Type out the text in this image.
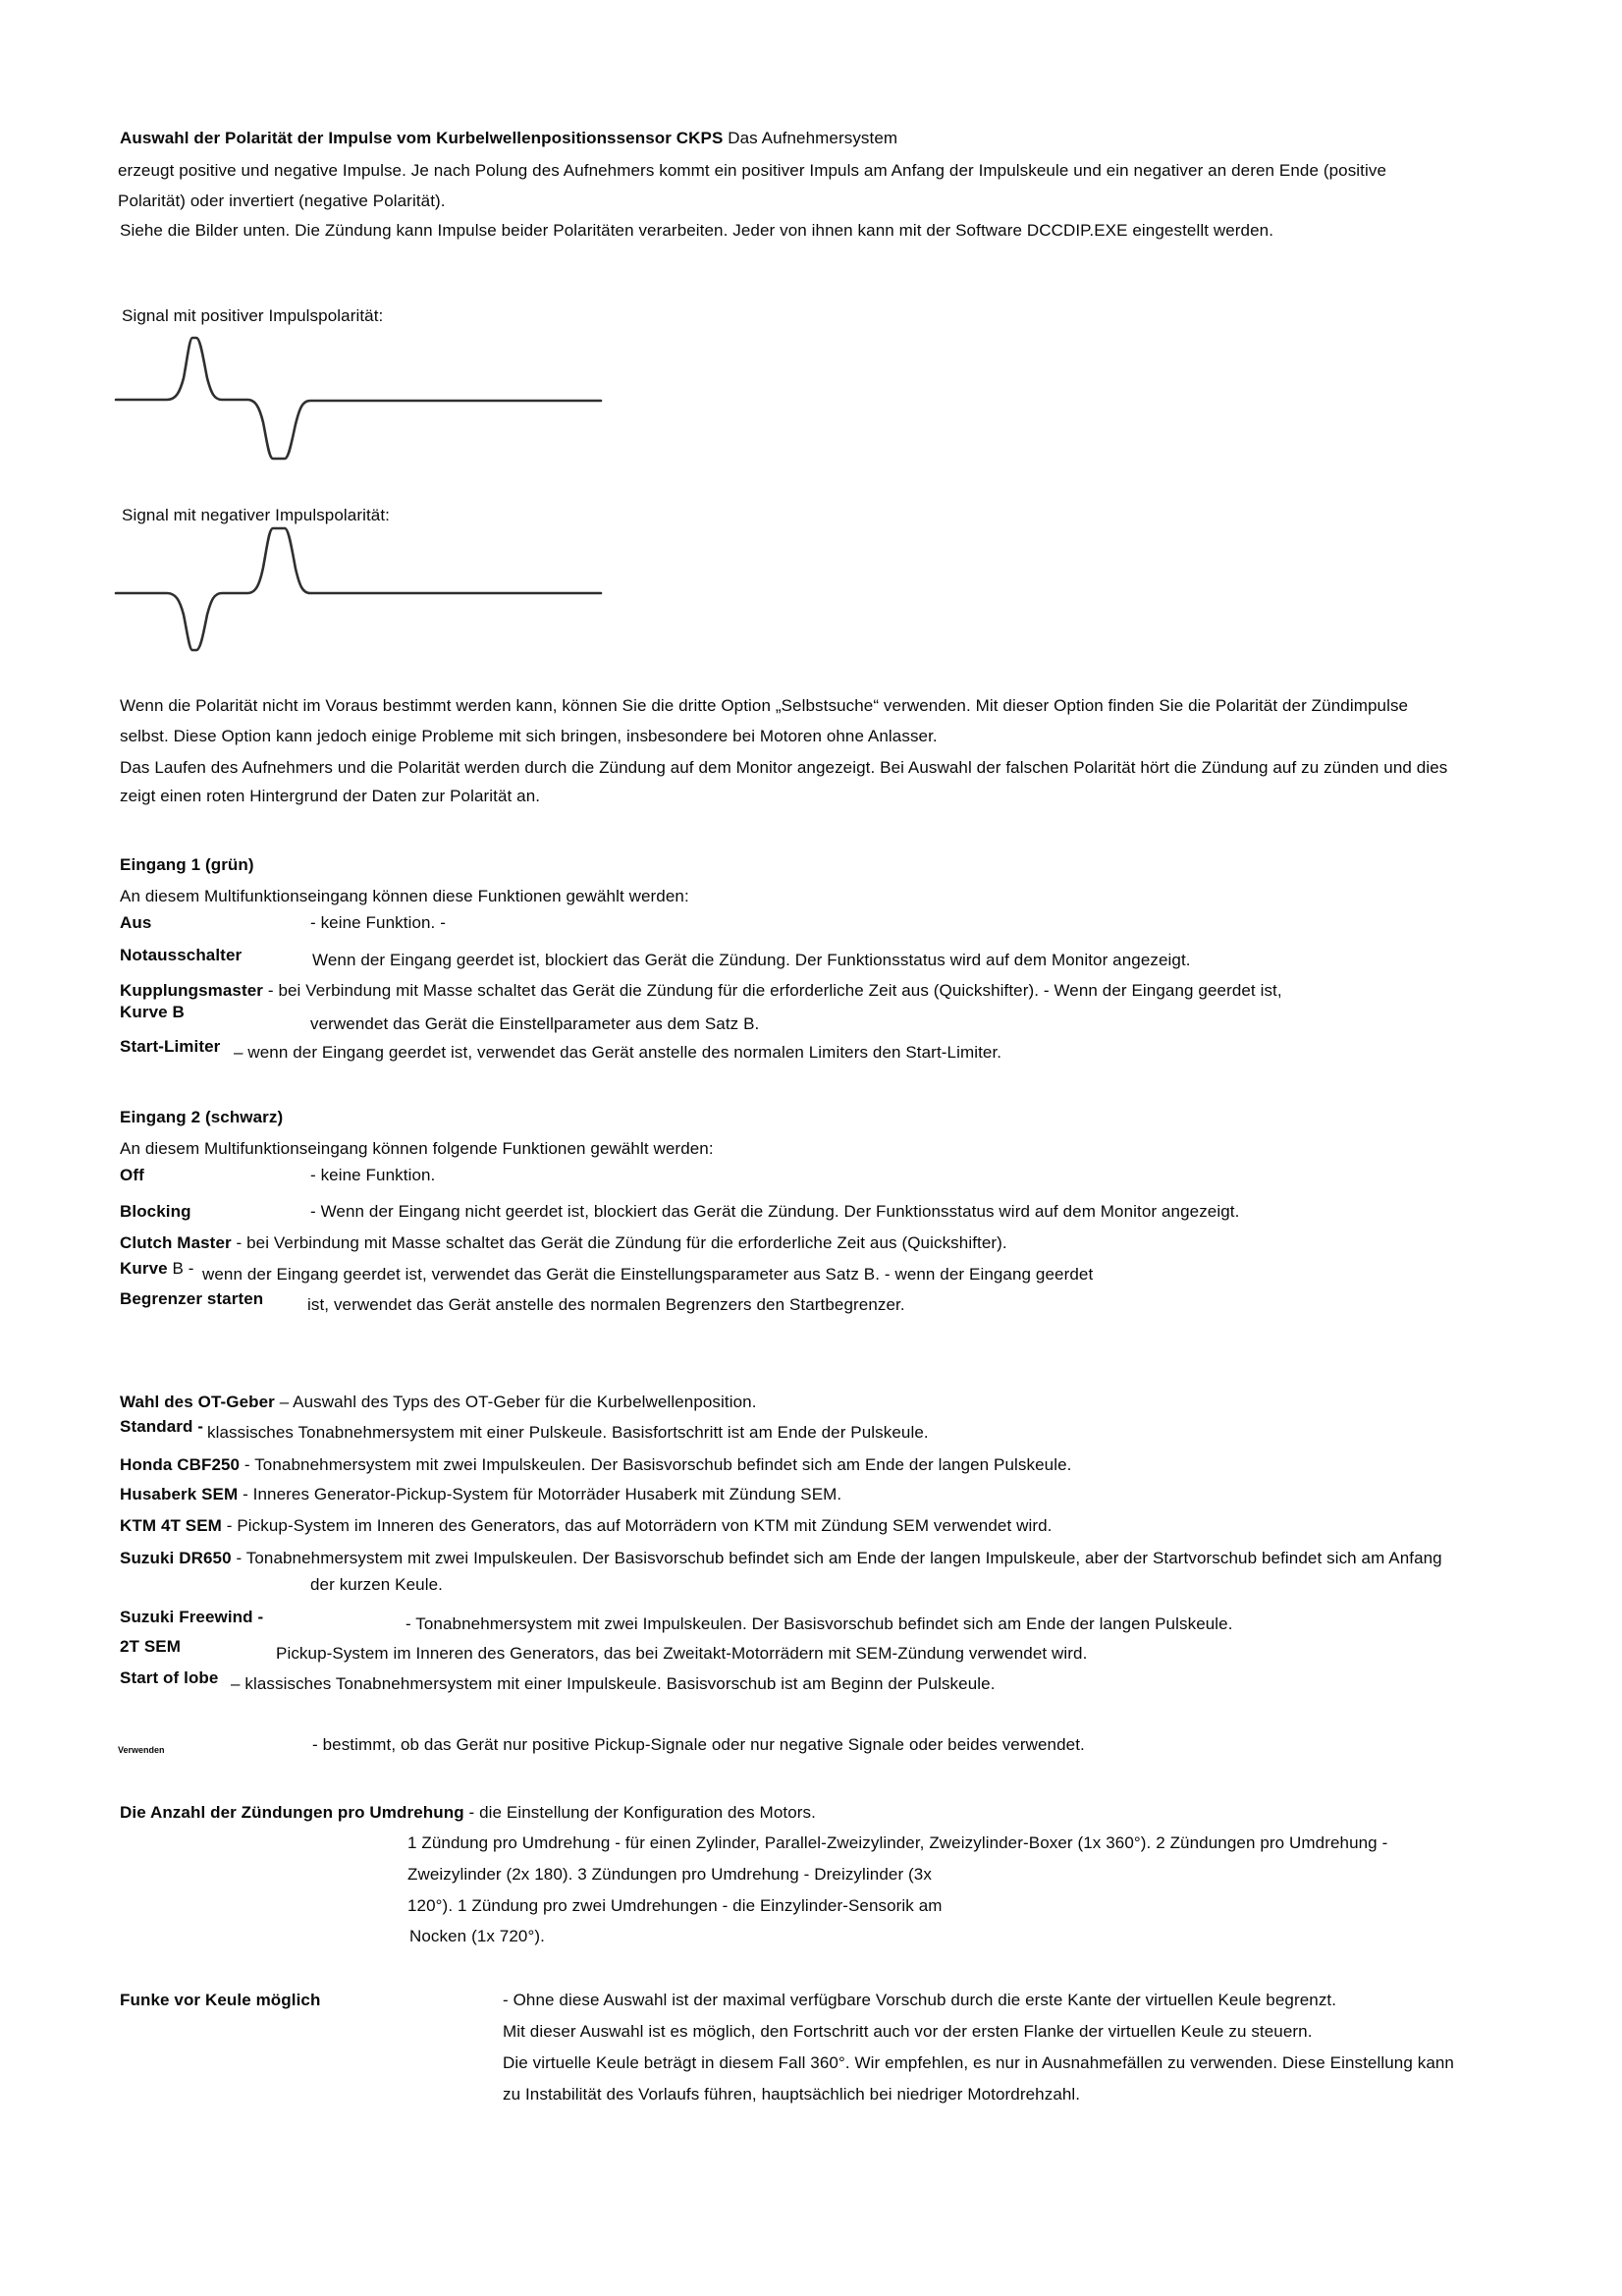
Auswahl der Polarität der Impulse vom Kurbelwellenpositionssensor CKPS Das Aufnehmersystem
erzeugt positive und negative Impulse. Je nach Polung des Aufnehmers kommt ein positiver Impuls am Anfang der Impulskeule und ein negativer an deren Ende (positive
Polarität) oder invertiert (negative Polarität).
Siehe die Bilder unten. Die Zündung kann Impulse beider Polaritäten verarbeiten. Jeder von ihnen kann mit der Software DCCDIP.EXE eingestellt werden.
Signal mit positiver Impulspolarität:
Signal mit negativer Impulspolarität:
Wenn die Polarität nicht im Voraus bestimmt werden kann, können Sie die dritte Option „Selbstsuche“ verwenden. Mit dieser Option finden Sie die Polarität der Zündimpulse
selbst. Diese Option kann jedoch einige Probleme mit sich bringen, insbesondere bei Motoren ohne Anlasser.
Das Laufen des Aufnehmers und die Polarität werden durch die Zündung auf dem Monitor angezeigt. Bei Auswahl der falschen Polarität hört die Zündung auf zu zünden und dies
zeigt einen roten Hintergrund der Daten zur Polarität an.
Eingang 1 (grün)
An diesem Multifunktionseingang können diese Funktionen gewählt werden:
Aus	- keine Funktion. -
Notausschalter	Wenn der Eingang geerdet ist, blockiert das Gerät die Zündung. Der Funktionsstatus wird auf dem Monitor angezeigt.
Kupplungsmaster - bei Verbindung mit Masse schaltet das Gerät die Zündung für die erforderliche Zeit aus (Quickshifter). - Wenn der Eingang geerdet ist,
Kurve B
verwendet das Gerät die Einstellparameter aus dem Satz B.
Start-Limiter – wenn der Eingang geerdet ist, verwendet das Gerät anstelle des normalen Limiters den Start-Limiter.
Eingang 2 (schwarz)
An diesem Multifunktionseingang können folgende Funktionen gewählt werden:
Off	- keine Funktion.
Blocking	- Wenn der Eingang nicht geerdet ist, blockiert das Gerät die Zündung. Der Funktionsstatus wird auf dem Monitor angezeigt.
Clutch Master - bei Verbindung mit Masse schaltet das Gerät die Zündung für die erforderliche Zeit aus (Quickshifter).
Kurve B - wenn der Eingang geerdet ist, verwendet das Gerät die Einstellungsparameter aus Satz B. - wenn der Eingang geerdet
Begrenzer starten	ist, verwendet das Gerät anstelle des normalen Begrenzers den Startbegrenzer.
Wahl des OT-Geber – Auswahl des Typs des OT-Geber für die Kurbelwellenposition.
Standard - klassisches Tonabnehmersystem mit einer Pulskeule. Basisfortschritt ist am Ende der Pulskeule.
Honda CBF250 - Tonabnehmersystem mit zwei Impulskeulen. Der Basisvorschub befindet sich am Ende der langen Pulskeule.
Husaberk SEM - Inneres Generator-Pickup-System für Motorräder Husaberk mit Zündung SEM.
KTM 4T SEM - Pickup-System im Inneren des Generators, das auf Motorrädern von KTM mit Zündung SEM verwendet wird.
Suzuki DR650 - Tonabnehmersystem mit zwei Impulskeulen. Der Basisvorschub befindet sich am Ende der langen Impulskeule, aber der Startvorschub befindet sich am Anfang
der kurzen Keule.
Suzuki Freewind -	- Tonabnehmersystem mit zwei Impulskeulen. Der Basisvorschub befindet sich am Ende der langen Pulskeule.
2T SEM	Pickup-System im Inneren des Generators, das bei Zweitakt-Motorrädern mit SEM-Zündung verwendet wird.
Start of lobe – klassisches Tonabnehmersystem mit einer Impulskeule. Basisvorschub ist am Beginn der Pulskeule.
Verwenden	- bestimmt, ob das Gerät nur positive Pickup-Signale oder nur negative Signale oder beides verwendet.
Die Anzahl der Zündungen pro Umdrehung - die Einstellung der Konfiguration des Motors.
1 Zündung pro Umdrehung - für einen Zylinder, Parallel-Zweizylinder, Zweizylinder-Boxer (1x 360°). 2 Zündungen pro Umdrehung -
Zweizylinder (2x 180). 3 Zündungen pro Umdrehung - Dreizylinder (3x
120°). 1 Zündung pro zwei Umdrehungen - die Einzylinder-Sensorik am
Nocken (1x 720°).
Funke vor Keule möglich	- Ohne diese Auswahl ist der maximal verfügbare Vorschub durch die erste Kante der virtuellen Keule begrenzt.
Mit dieser Auswahl ist es möglich, den Fortschritt auch vor der ersten Flanke der virtuellen Keule zu steuern.
Die virtuelle Keule beträgt in diesem Fall 360°. Wir empfehlen, es nur in Ausnahmefällen zu verwenden. Diese Einstellung kann
zu Instabilität des Vorlaufs führen, hauptsächlich bei niedriger Motordrehzahl.
